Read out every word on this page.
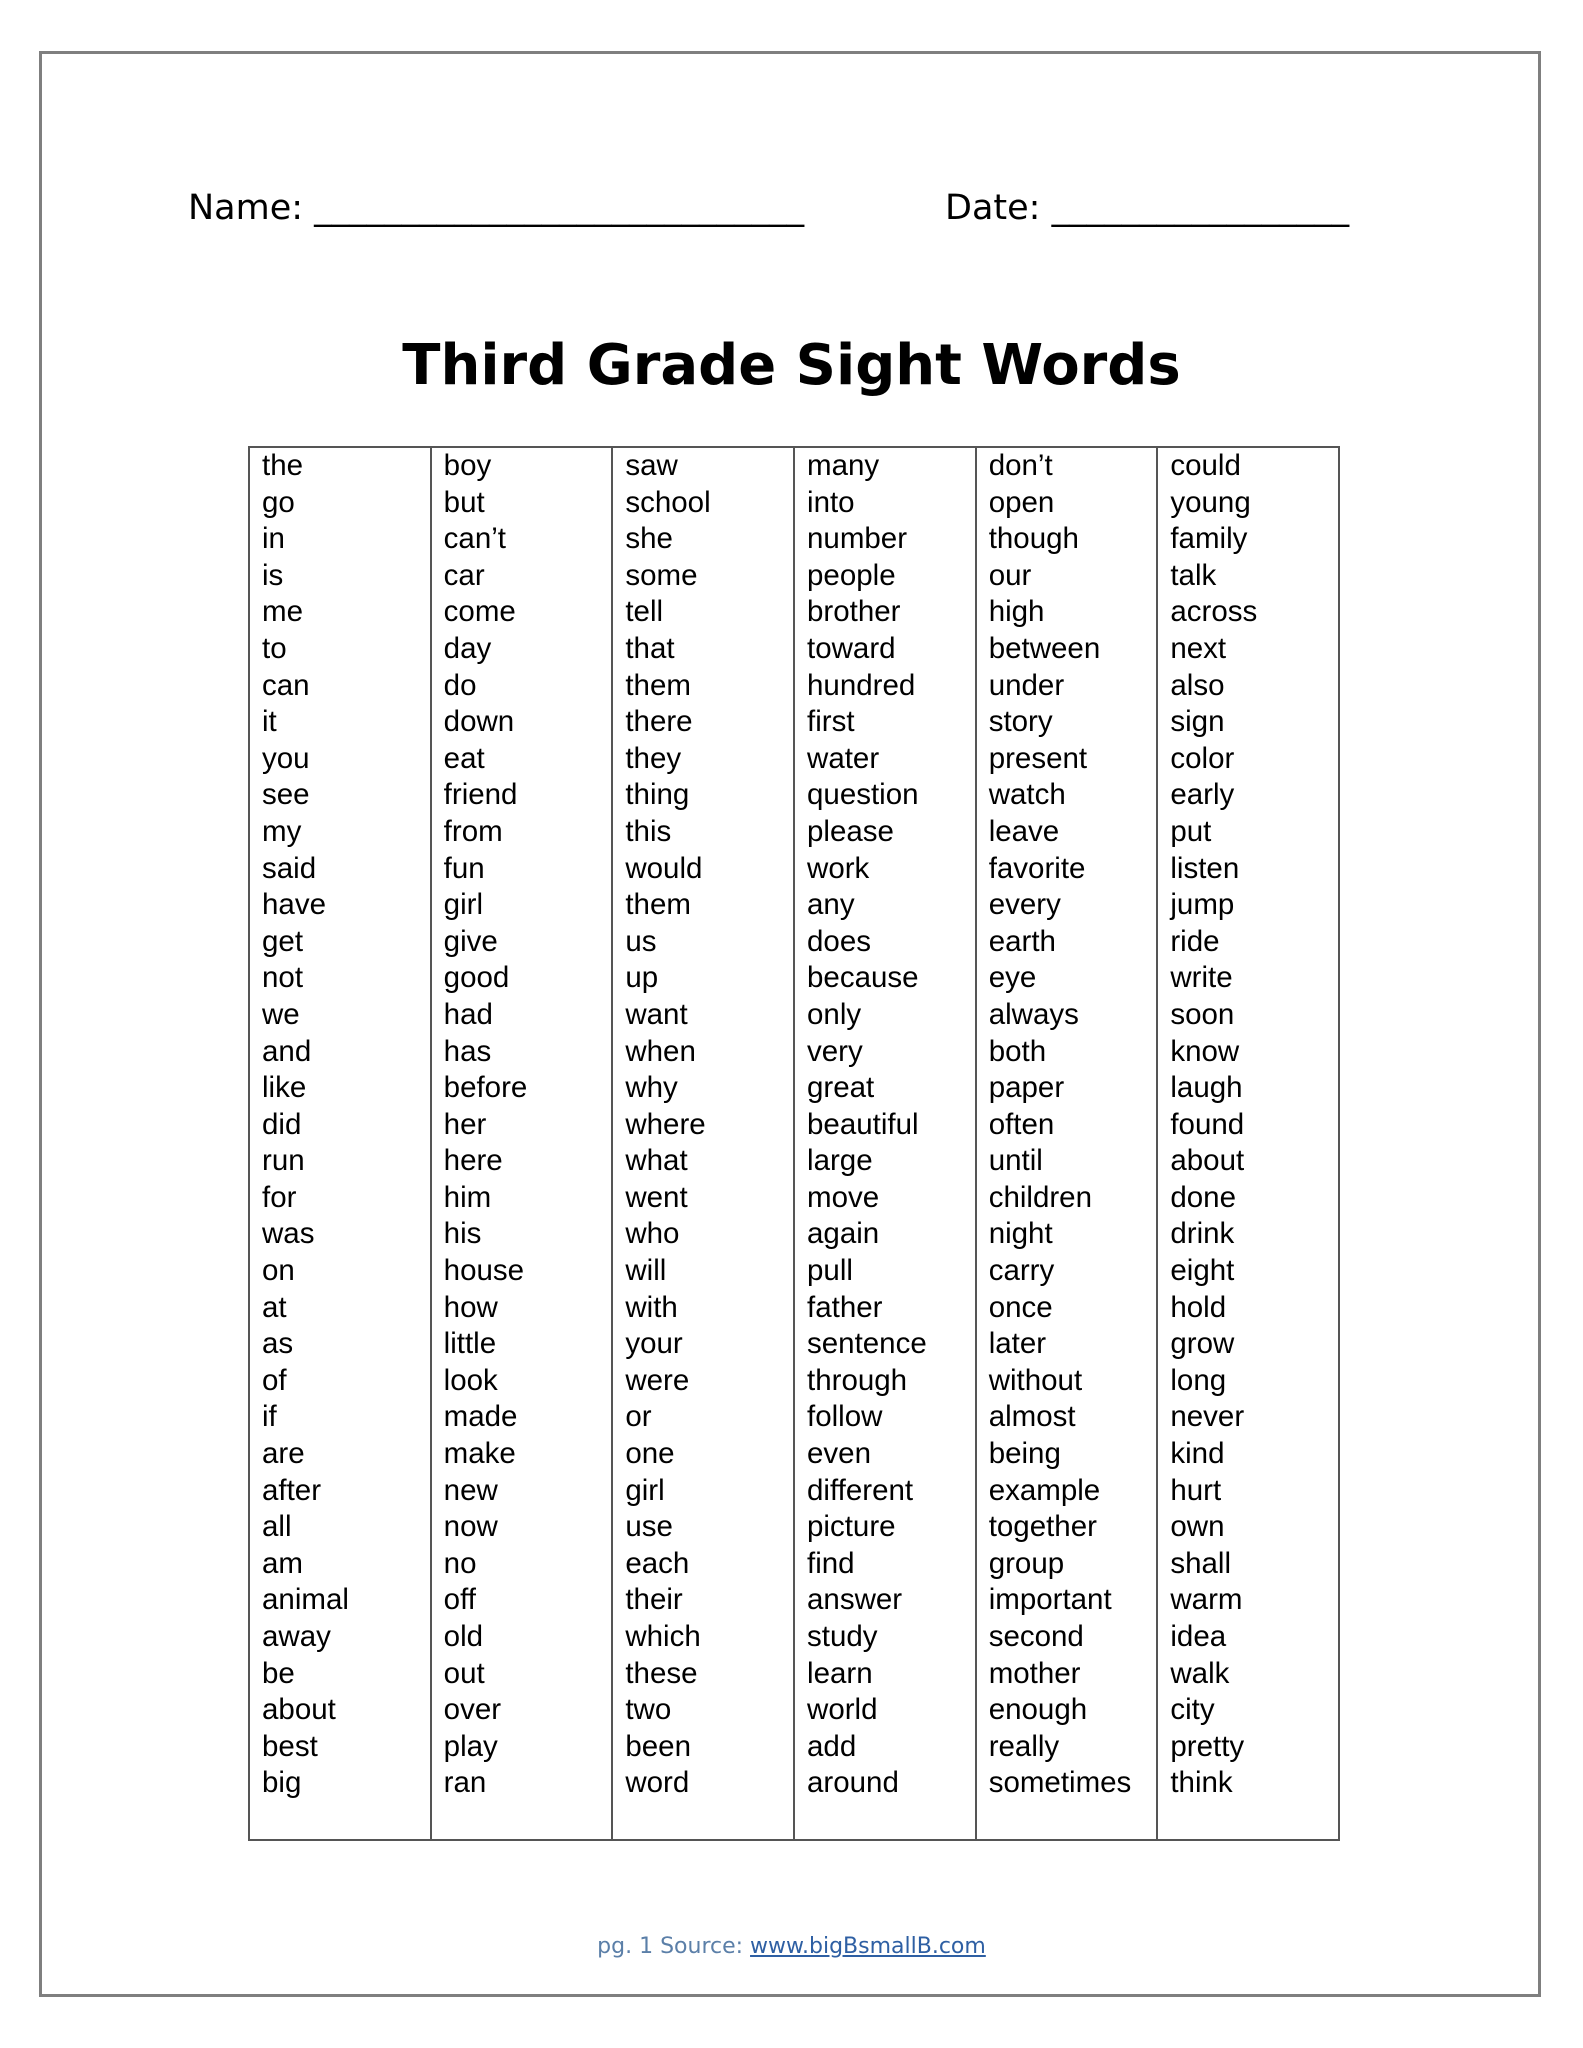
Name: ____________________________	Date: _________________
Third Grade Sight Words
the
go
in
is
me
to
can
it
you
see
my
said
have
get
not
we
and
like
did
run
for
was
on
at
as
of
if
are
after
all
am
animal
away
be
about
best
big
boy
but
can’t
car
come
day
do
down
eat
friend
from
fun
girl
give
good
had
has
before
her
here
him
his
house
how
little
look
made
make
new
now
no
off
old
out
over
play
ran
saw
school
she
some
tell
that
them
there
they
thing
this
would
them
us
up
want
when
why
where
what
went
who
will
with
your
were
or
one
girl
use
each
their
which
these
two
been
word
many
into
number
people
brother
toward
hundred
first
water
question
please
work
any
does
because
only
very
great
beautiful
large
move
again
pull
father
sentence
through
follow
even
different
picture
find
answer
study
learn
world
add
around
don’t
open
though
our
high
between
under
story
present
watch
leave
favorite
every
earth
eye
always
both
paper
often
until
children
night
carry
once
later
without
almost
being
example
together
group
important
second
mother
enough
really
sometimes
could
young
family
talk
across
next
also
sign
color
early
put
listen
jump
ride
write
soon
know
laugh
found
about
done
drink
eight
hold
grow
long
never
kind
hurt
own
shall
warm
idea
walk
city
pretty
think
pg. 1 Source: www.bigBsmallB.com
